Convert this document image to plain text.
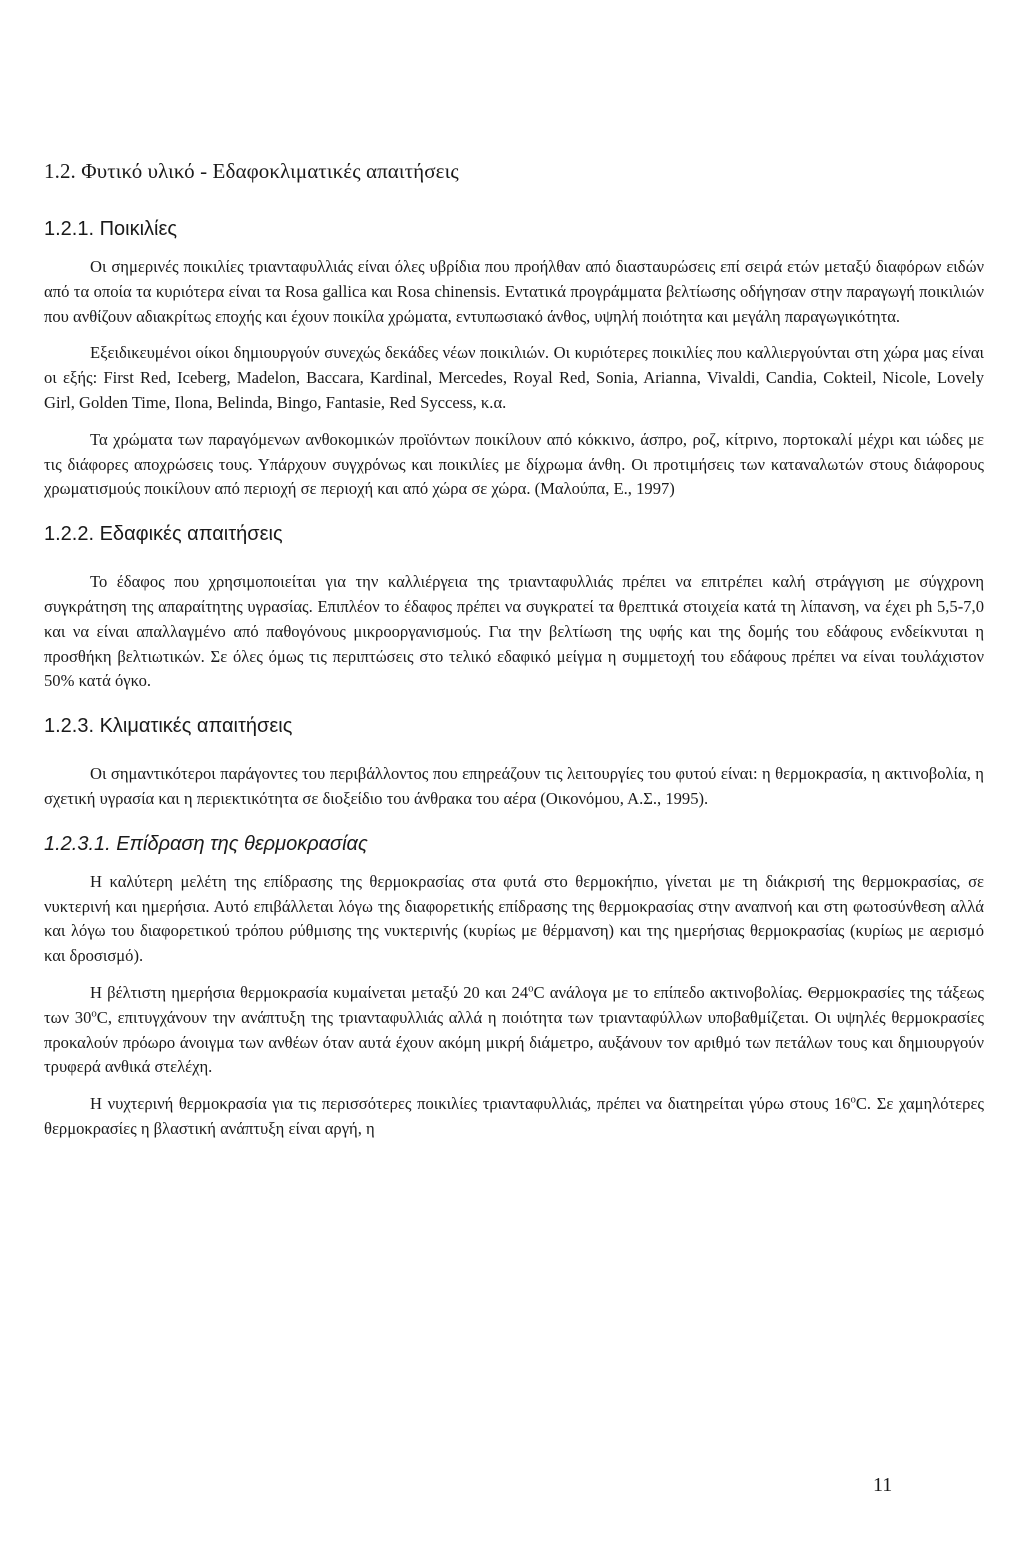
1.2. Φυτικό υλικό - Εδαφοκλιματικές απαιτήσεις
1.2.1. Ποικιλίες

Οι σημερινές ποικιλίες τριανταφυλλιάς είναι όλες υβρίδια που προήλθαν από διασταυρώσεις επί σειρά ετών μεταξύ διαφόρων ειδών από τα οποία τα κυριότερα είναι τα Rosa gallica και Rosa chinensis. Εντατικά προγράμματα βελτίωσης οδήγησαν στην παραγωγή ποικιλιών που ανθίζουν αδιακρίτως εποχής και έχουν ποικίλα χρώματα, εντυπωσιακό άνθος, υψηλή ποιότητα και μεγάλη παραγωγικότητα.

Εξειδικευμένοι οίκοι δημιουργούν συνεχώς δεκάδες νέων ποικιλιών. Οι κυριότερες ποικιλίες που καλλιεργούνται στη χώρα μας είναι οι εξής: First Red, Iceberg, Madelon, Baccara, Kardinal, Mercedes, Royal Red, Sonia, Arianna, Vivaldi, Candia, Cokteil, Nicole, Lovely Girl, Golden Time, Ilona, Belinda, Bingo, Fantasie, Red Syccess, κ.α.

Τα χρώματα των παραγόμενων ανθοκομικών προϊόντων ποικίλουν από κόκκινο, άσπρο, ροζ, κίτρινο, πορτοκαλί μέχρι και ιώδες με τις διάφορες αποχρώσεις τους. Υπάρχουν συγχρόνως και ποικιλίες με δίχρωμα άνθη. Οι προτιμήσεις των καταναλωτών στους διάφορους χρωματισμούς ποικίλουν από περιοχή σε περιοχή και από χώρα σε χώρα. (Μαλούπα, Ε., 1997)

1.2.2. Εδαφικές απαιτήσεις

Το έδαφος που χρησιμοποιείται για την καλλιέργεια της τριανταφυλλιάς πρέπει να επιτρέπει καλή στράγγιση με σύγχρονη συγκράτηση της απαραίτητης υγρασίας. Επιπλέον το έδαφος πρέπει να συγκρατεί τα θρεπτικά στοιχεία κατά τη λίπανση, να έχει ph 5,5-7,0 και να είναι απαλλαγμένο από παθογόνους μικροοργανισμούς. Για την βελτίωση της υφής και της δομής του εδάφους ενδείκνυται η προσθήκη βελτιωτικών. Σε όλες όμως τις περιπτώσεις στο τελικό εδαφικό μείγμα η συμμετοχή του εδάφους πρέπει να είναι τουλάχιστον 50% κατά όγκο.

1.2.3. Κλιματικές απαιτήσεις

Οι σημαντικότεροι παράγοντες του περιβάλλοντος που επηρεάζουν τις λειτουργίες του φυτού είναι: η θερμοκρασία, η ακτινοβολία, η σχετική υγρασία και η περιεκτικότητα σε διοξείδιο του άνθρακα του αέρα (Οικονόμου, Α.Σ., 1995).

1.2.3.1. Επίδραση της θερμοκρασίας

Η καλύτερη μελέτη της επίδρασης της θερμοκρασίας στα φυτά στο θερμοκήπιο, γίνεται με τη διάκρισή της θερμοκρασίας, σε νυκτερινή και ημερήσια. Αυτό επιβάλλεται λόγω της διαφορετικής επίδρασης της θερμοκρασίας στην αναπνοή και στη φωτοσύνθεση αλλά και λόγω του διαφορετικού τρόπου ρύθμισης της νυκτερινής (κυρίως με θέρμανση) και της ημερήσιας θερμοκρασίας (κυρίως με αερισμό και δροσισμό).

Η βέλτιστη ημερήσια θερμοκρασία κυμαίνεται μεταξύ 20 και 24$^o$C ανάλογα με το επίπεδο ακτινοβολίας. Θερμοκρασίες της τάξεως των 30$^o$C, επιτυγχάνουν την ανάπτυξη της τριανταφυλλιάς αλλά η ποιότητα των τριανταφύλλων υποβαθμίζεται. Οι υψηλές θερμοκρασίες προκαλούν πρόωρο άνοιγμα των ανθέων όταν αυτά έχουν ακόμη μικρή διάμετρο, αυξάνουν τον αριθμό των πετάλων τους και δημιουργούν τρυφερά ανθικά στελέχη.

Η νυχτερινή θερμοκρασία για τις περισσότερες ποικιλίες τριανταφυλλιάς, πρέπει να διατηρείται γύρω στους 16$^o$C. Σε χαμηλότερες θερμοκρασίες η βλαστική ανάπτυξη είναι αργή, η

11
